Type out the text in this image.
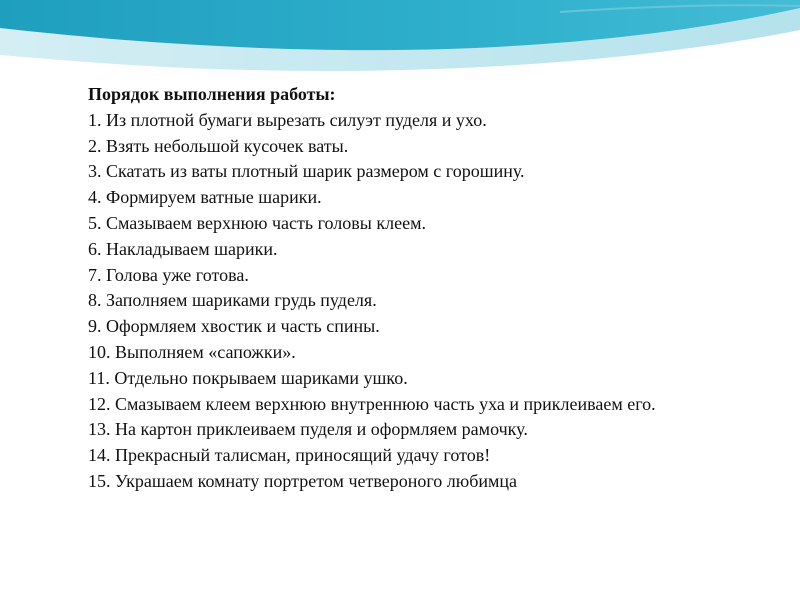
Порядок выполнения работы:

1. Из плотной бумаги вырезать силуэт пуделя и ухо.
2. Взять небольшой кусочек ваты.
3. Скатать из ваты плотный шарик размером с горошину.
4. Формируем ватные шарики.
5. Смазываем верхнюю часть головы клеем.
6. Накладываем шарики.
7. Голова уже готова.
8. Заполняем шариками грудь пуделя.
9. Оформляем хвостик и часть спины.
10. Выполняем «сапожки».
11. Отдельно покрываем шариками ушко.
12. Смазываем клеем верхнюю внутреннюю часть уха и приклеиваем его.
13. На картон приклеиваем пуделя и оформляем рамочку.
14. Прекрасный талисман, приносящий удачу готов!
15. Украшаем комнату портретом четвероного любимца
